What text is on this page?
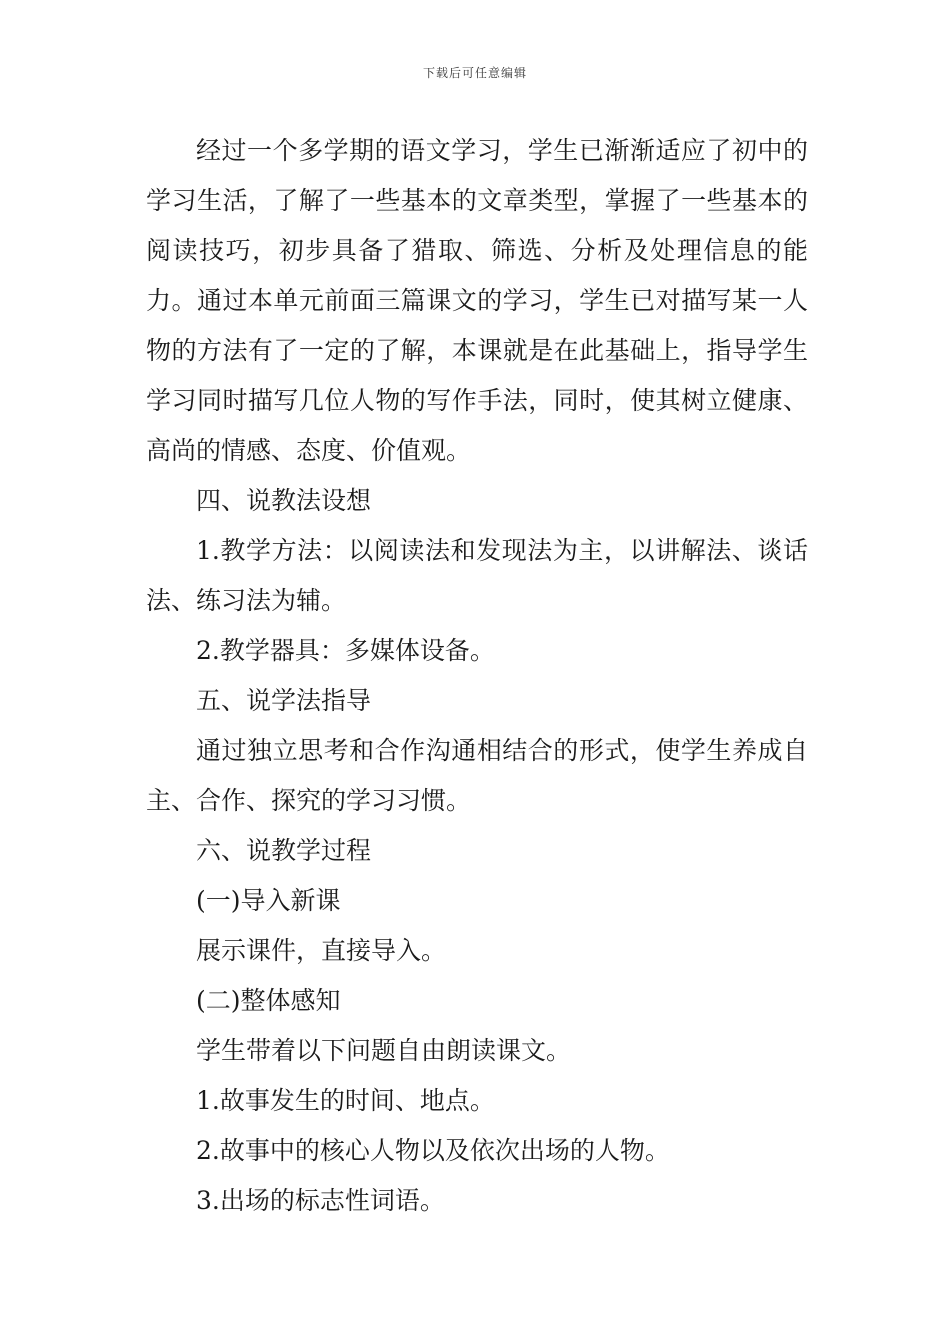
下载后可任意编辑

经过一个多学期的语文学习，学生已渐渐适应了初中的学习生活，了解了一些基本的文章类型，掌握了一些基本的阅读技巧，初步具备了猎取、筛选、分析及处理信息的能力。通过本单元前面三篇课文的学习，学生已对描写某一人物的方法有了一定的了解，本课就是在此基础上，指导学生学习同时描写几位人物的写作手法，同时，使其树立健康、高尚的情感、态度、价值观。

四、说教法设想

1.教学方法：以阅读法和发现法为主，以讲解法、谈话法、练习法为辅。

2.教学器具：多媒体设备。

五、说学法指导

通过独立思考和合作沟通相结合的形式，使学生养成自主、合作、探究的学习习惯。

六、说教学过程

(一)导入新课

展示课件，直接导入。

(二)整体感知

学生带着以下问题自由朗读课文。

1.故事发生的时间、地点。

2.故事中的核心人物以及依次出场的人物。

3.出场的标志性词语。
